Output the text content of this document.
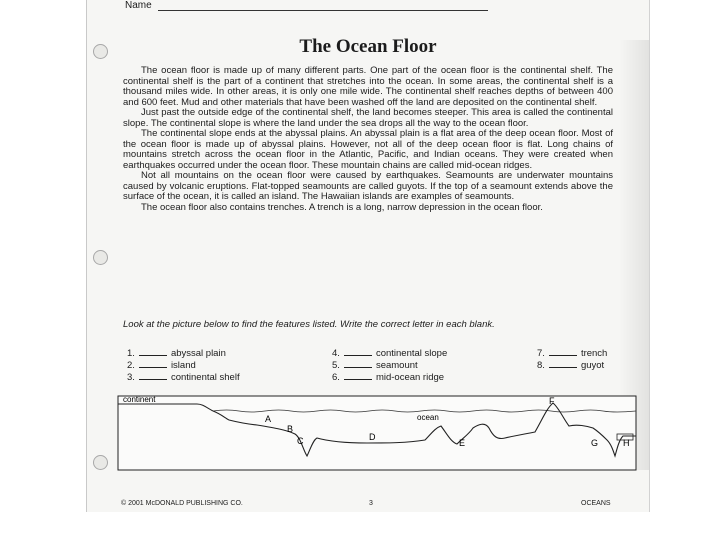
Name
The Ocean Floor

The ocean floor is made up of many different parts. One part of the ocean floor is the continental shelf. The continental shelf is the part of a continent that stretches into the ocean. In some areas, the continental shelf is a thousand miles wide. In other areas, it is only one mile wide. The continental shelf reaches depths of between 400 and 600 feet. Mud and other materials that have been washed off the land are deposited on the continental shelf.

Just past the outside edge of the continental shelf, the land becomes steeper. This area is called the continental slope. The continental slope is where the land under the sea drops all the way to the ocean floor.

The continental slope ends at the abyssal plains. An abyssal plain is a flat area of the deep ocean floor. Most of the ocean floor is made up of abyssal plains. However, not all of the deep ocean floor is flat. Long chains of mountains stretch across the ocean floor in the Atlantic, Pacific, and Indian oceans. They were created when earthquakes occurred under the ocean floor. These mountain chains are called mid-ocean ridges.

Not all mountains on the ocean floor were caused by earthquakes. Seamounts are underwater mountains caused by volcanic eruptions. Flat-topped seamounts are called guyots. If the top of a seamount extends above the surface of the ocean, it is called an island. The Hawaiian islands are examples of seamounts.

The ocean floor also contains trenches. A trench is a long, narrow depression in the ocean floor.

Look at the picture below to find the features listed. Write the correct letter in each blank.
1.	abyssal plain
2.	island
3.	continental shelf
4.	continental slope
5.	seamount
6.	mid-ocean ridge
7.	trench
8.	guyot
continent
ocean
A
B
C	D
E
F
G	H
© 2001 McDONALD PUBLISHING CO.	3	OCEANS
